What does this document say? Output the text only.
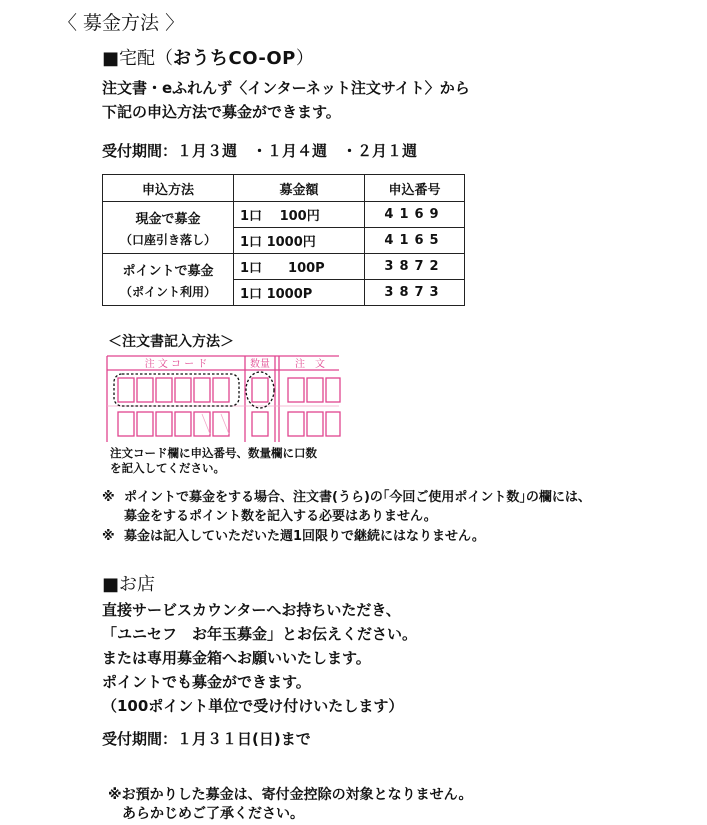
〈 募金方法 〉
■宅配（おうちCO-OP）
注文書・eふれんず〈インターネット注文サイト〉から
下記の申込方法で募金ができます。
受付期間：１月３週　・１月４週　・２月１週
申込方法	募金額	申込番号
現金で募金
（口座引き落し）	1口　 100円	4169
	1口 1000円	4165
ポイントで募金
（ポイント利用）	1口　　100P	3872
	1口 1000P	3873
＜注文書記入方法＞
注 文 コ ー ド	数量	注　文
注文コード欄に申込番号、数量欄に口数
を記入してください。
※ ポイントで募金をする場合、注文書(うら)の｢今回ご使用ポイント数｣の欄には、
募金をするポイント数を記入する必要はありません。
※ 募金は記入していただいた週1回限りで継続にはなりません。
■お店
直接サービスカウンターへお持ちいただき、
「ユニセフ　お年玉募金」とお伝えください。
または専用募金箱へお願いいたします。
ポイントでも募金ができます。
（100ポイント単位で受け付けいたします）
受付期間：１月３１日(日)まで
※お預かりした募金は、寄付金控除の対象となりません。
　あらかじめご了承ください。
